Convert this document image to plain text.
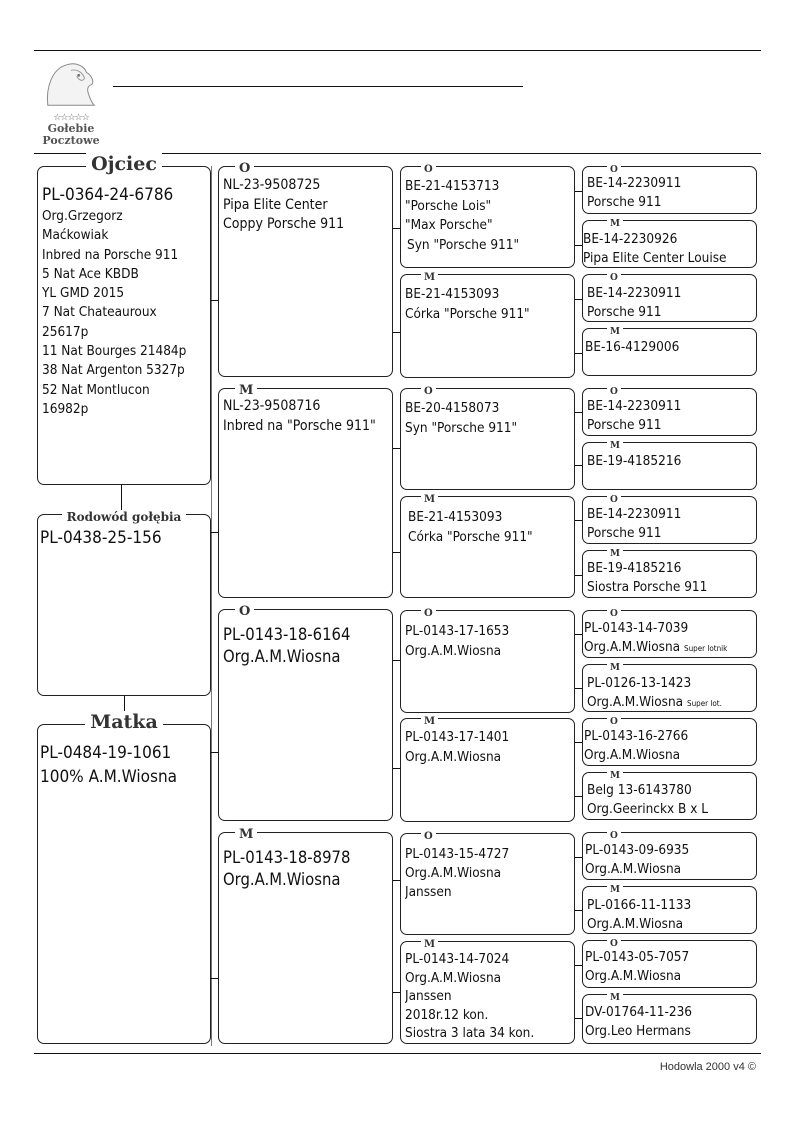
☆☆☆☆☆
Gołebie
Pocztowe
Ojciec
PL-0364-24-6786
Org.Grzegorz
Maćkowiak
Inbred na Porsche 911
5 Nat Ace KBDB
YL GMD 2015
7 Nat Chateauroux
25617p
11 Nat Bourges 21484p
38 Nat Argenton 5327p
52 Nat Montlucon
16982p
Rodowód gołębia
PL-0438-25-156
Matka
PL-0484-19-1061
100% A.M.Wiosna
O
NL-23-9508725
Pipa Elite Center
Coppy Porsche 911
M
NL-23-9508716
Inbred na "Porsche 911"
O
PL-0143-18-6164
Org.A.M.Wiosna
M
PL-0143-18-8978
Org.A.M.Wiosna
O
BE-21-4153713
"Porsche Lois"
"Max Porsche"
Syn "Porsche 911"
M
BE-21-4153093
Córka "Porsche 911"
O
BE-20-4158073
Syn "Porsche 911"
M
BE-21-4153093
Córka "Porsche 911"
O
PL-0143-17-1653
Org.A.M.Wiosna
M
PL-0143-17-1401
Org.A.M.Wiosna
O
PL-0143-15-4727
Org.A.M.Wiosna
Janssen
M
PL-0143-14-7024
Org.A.M.Wiosna
Janssen
2018r.12 kon.
Siostra 3 lata 34 kon.
O
BE-14-2230911
Porsche 911
M
BE-14-2230926
Pipa Elite Center Louise
O
BE-14-2230911
Porsche 911
M
BE-16-4129006
O
BE-14-2230911
Porsche 911
M
BE-19-4185216
O
BE-14-2230911
Porsche 911
M
BE-19-4185216
Siostra Porsche 911
O
PL-0143-14-7039
Org.A.M.Wiosna Super lotnik
M
PL-0126-13-1423
Org.A.M.Wiosna Super lot.
O
PL-0143-16-2766
Org.A.M.Wiosna
M
Belg 13-6143780
Org.Geerinckx B x L
O
PL-0143-09-6935
Org.A.M.Wiosna
M
PL-0166-11-1133
Org.A.M.Wiosna
O
PL-0143-05-7057
Org.A.M.Wiosna
M
DV-01764-11-236
Org.Leo Hermans
Hodowla 2000 v4 ©
